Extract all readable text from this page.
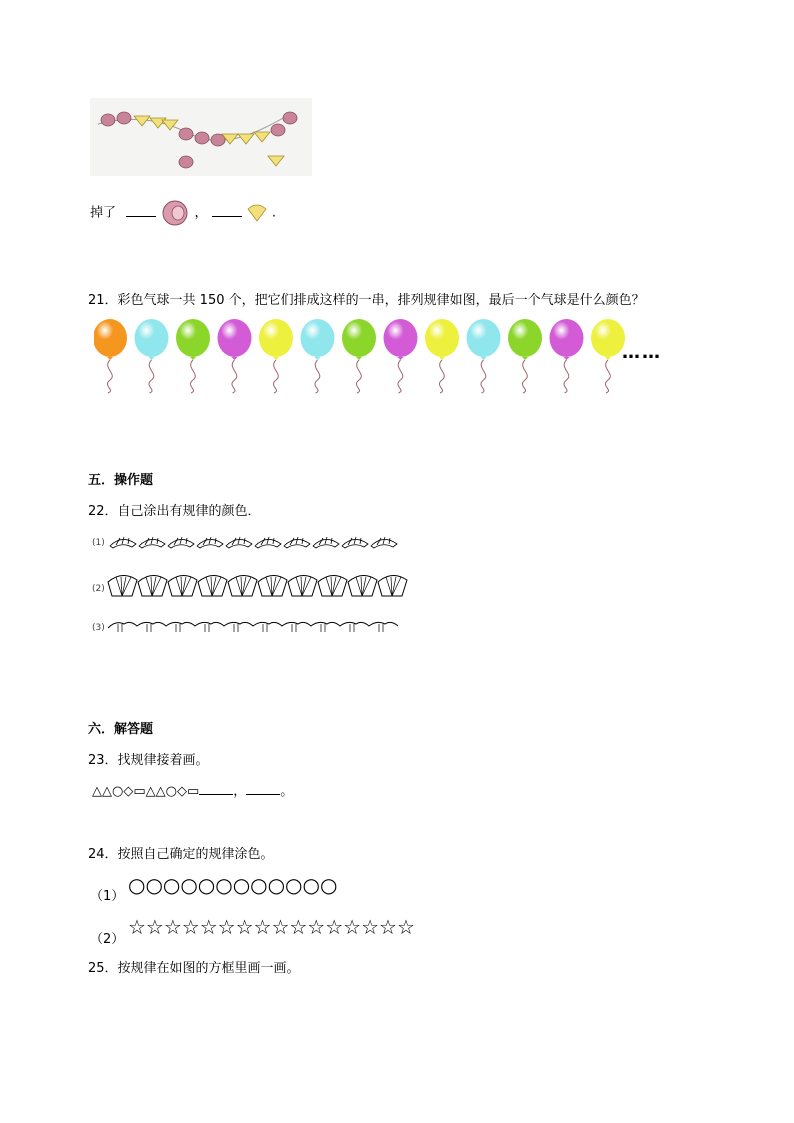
掉了	，	.
21．彩色气球一共 150 个，把它们排成这样的一串，排列规律如图，最后一个气球是什么颜色？
……
五．操作题
22．自己涂出有规律的颜色．
(1)
(2)
(3)
六．解答题
23．找规律接着画。
△△○◇▭△△○◇▭	，	。
24．按照自己确定的规律涂色。
（1） ○○○○○○○○○○○○
（2）
☆☆☆☆☆☆☆☆☆☆☆☆☆☆☆☆
25．按规律在如图的方框里画一画。
